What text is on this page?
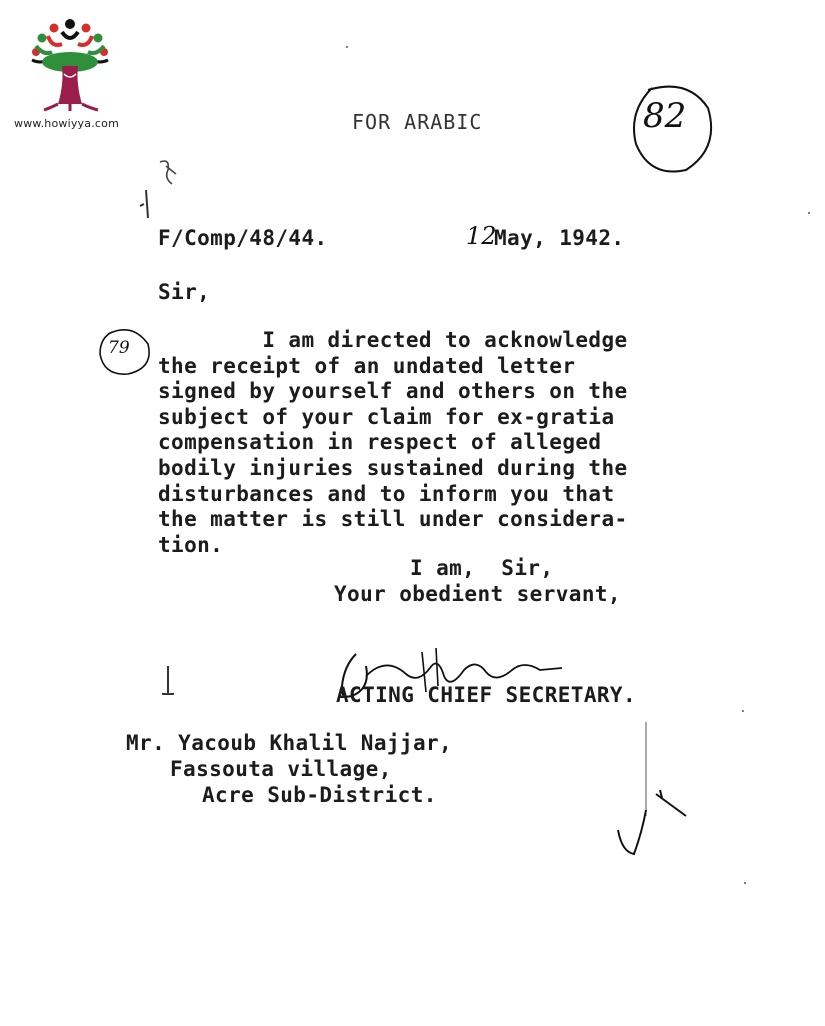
www.howiyya.com	FOR ARABIC	82
F/Comp/48/44.	12
May, 1942.
Sir,
79 I am directed to acknowledge
the receipt of an undated letter
signed by yourself and others on the
subject of your claim for ex-gratia
compensation in respect of alleged
bodily injuries sustained during the
disturbances and to inform you that
the matter is still under considera-
tion.
I am,  Sir,
Your obedient servant,
ACTING CHIEF SECRETARY.
Mr. Yacoub Khalil Najjar,
Fassouta village,
Acre Sub-District.
